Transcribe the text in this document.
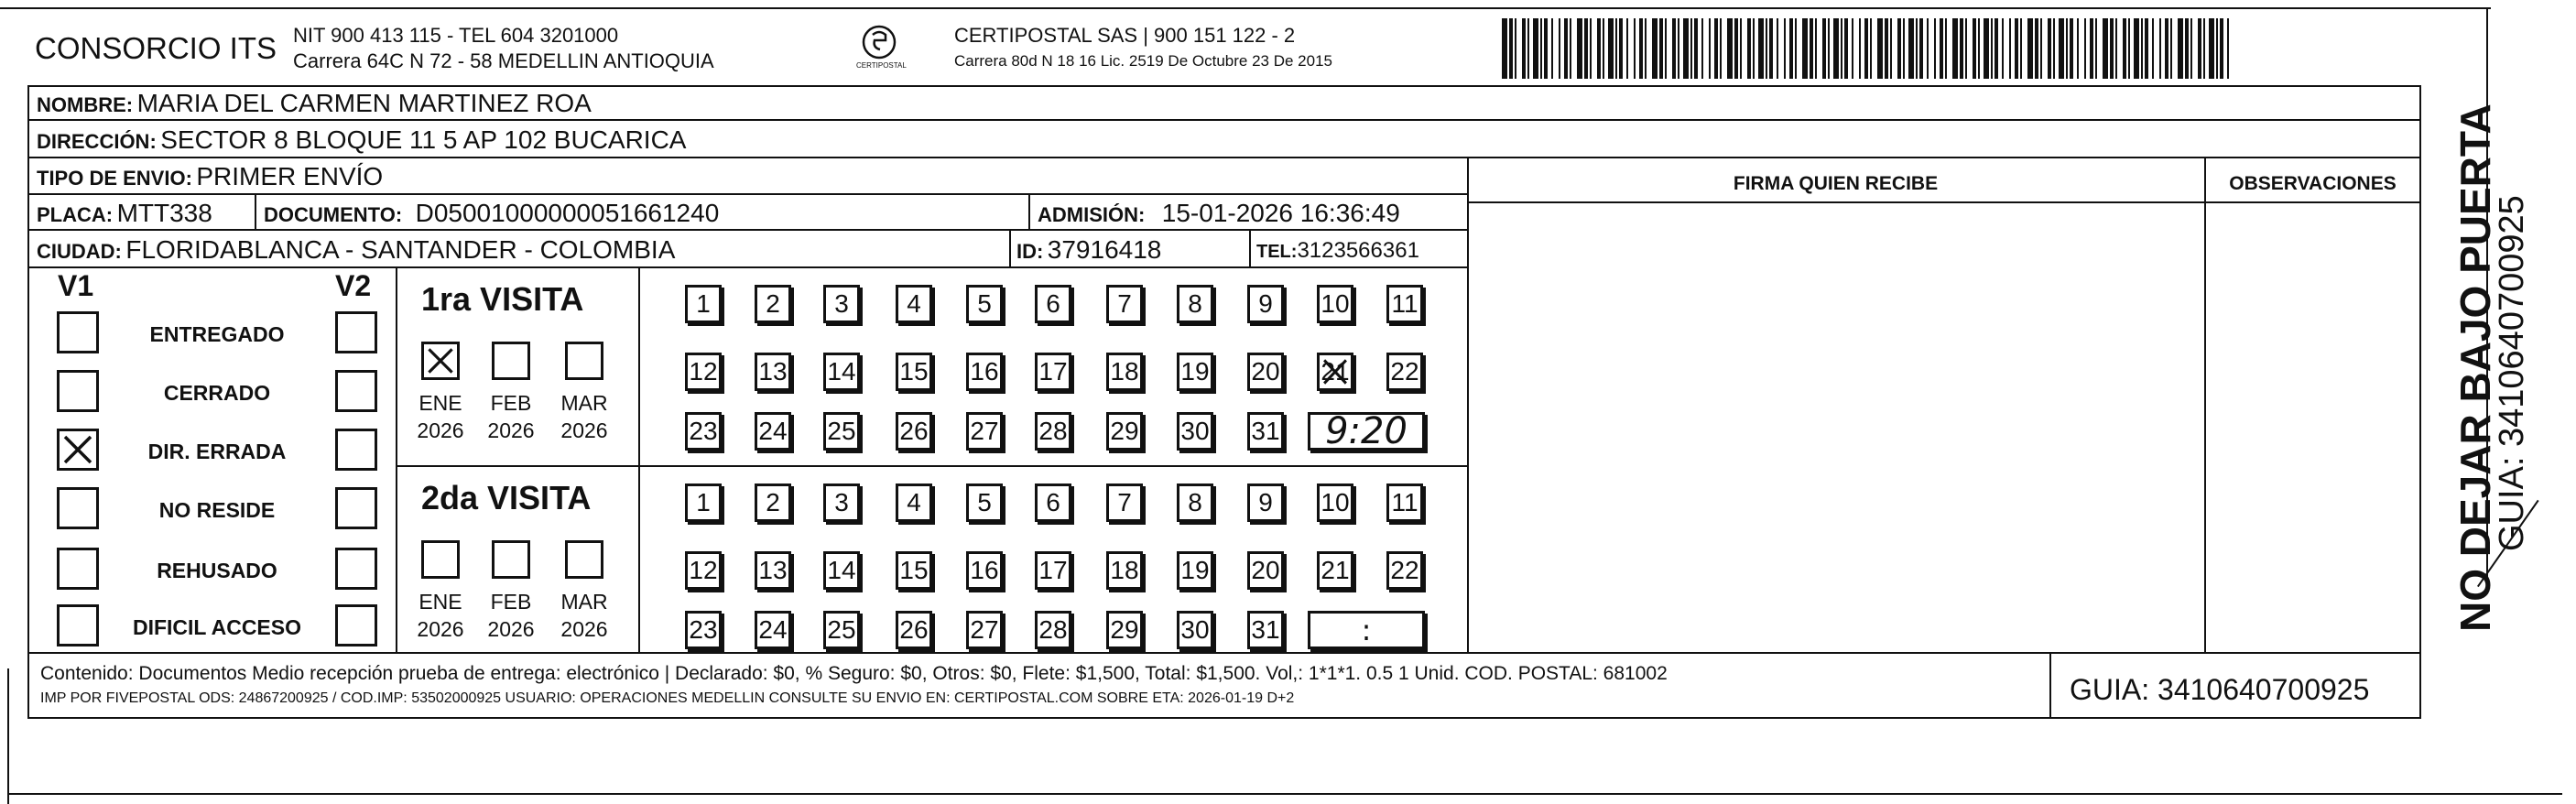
CONSORCIO ITS NIT 900 413 115 - TEL 604 3201000
Carrera 64C N 72 - 58 MEDELLIN ANTIOQUIA	CERTIPOSTAL
CERTIPOSTAL SAS | 900 151 122 - 2
Carrera 80d N 18 16 Lic. 2519 De Octubre 23 De 2015
NOMBRE: MARIA DEL CARMEN MARTINEZ ROA
DIRECCIÓN: SECTOR 8 BLOQUE 11 5 AP 102 BUCARICA
TIPO DE ENVIO: PRIMER ENVÍO
PLACA: MTT338	DOCUMENTO: D05001000000051661240	ADMISIÓN: 15-01-2026 16:36:49
CIUDAD: FLORIDABLANCA - SANTANDER - COLOMBIA	ID: 37916418	TEL:3123566361
FIRMA QUIEN RECIBE	OBSERVACIONES
V1	V2
Contenido: Documentos Medio recepción prueba de entrega: electrónico | Declarado: $0, % Seguro: $0, Otros: $0, Flete: $1,500, Total: $1,500. Vol,: 1*1*1. 0.5 1 Unid. COD. POSTAL: 681002
IMP POR FIVEPOSTAL ODS: 24867200925 / COD.IMP: 53502000925 USUARIO: OPERACIONES MEDELLIN CONSULTE SU ENVIO EN: CERTIPOSTAL.COM SOBRE ETA: 2026-01-19 D+2	GUIA: 3410640700925
NO DEJAR BAJO PUERTA
GUIA: 3410640700925
ENTREGADO
CERRADO
DIR. ERRADA
NO RESIDE
REHUSADO
DIFICIL ACCESO
1ra VISITA
ENE
2026
FEB
2026
MAR
2026
1	2	3	4	5	6	7	8	9	10 11
12 13 14 15 16 17 18 19 20 21 22
23 24 25 26 27 28 29 30 31	9:20
2da VISITA
ENE
2026
FEB
2026
MAR
2026
1	2	3	4	5	6	7	8	9	10 11
12 13 14 15 16 17 18 19 20 21 22
23 24 25 26 27 28 29 30 31	:
